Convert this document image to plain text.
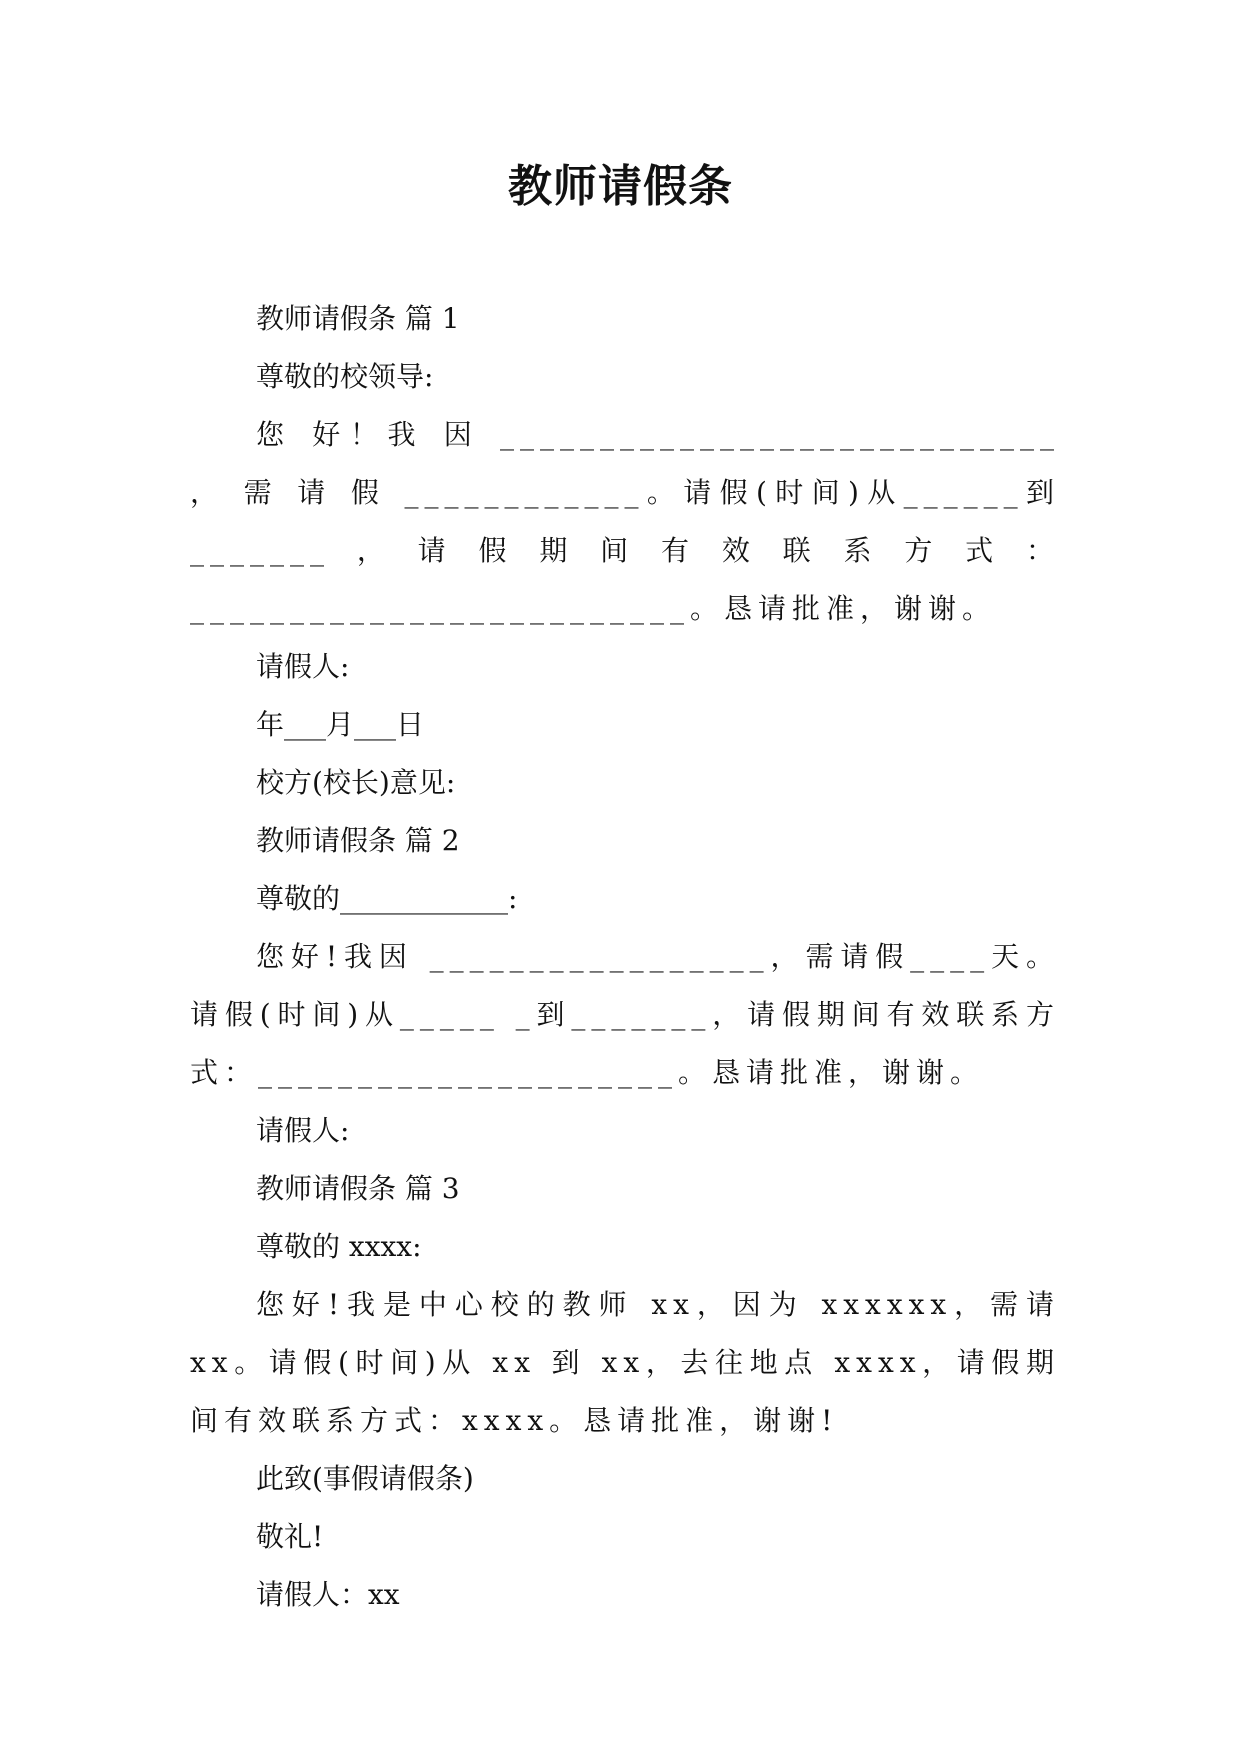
教师请假条

教师请假条 篇 1

尊敬的校领导:

您 好！我 因 ____________________________ ， 需 请 假 ____________。请假(时间)从______到_______，请假期间有效联系方式：_________________________。恳请批准，谢谢。

请假人:

年___月___日

校方(校长)意见:

教师请假条 篇 2

尊敬的____________:

您好!我因 _________________，需请假____天。请假(时间)从_____ _到_______，请假期间有效联系方式：_____________________。恳请批准，谢谢。

请假人:

教师请假条 篇 3

尊敬的 xxxx:

您好!我是中心校的教师 xx，因为 xxxxxx，需请 xx。请假(时间)从 xx 到 xx，去往地点 xxxx，请假期间有效联系方式：xxxx。恳请批准，谢谢!

此致(事假请假条)

敬礼!

请假人：xx
